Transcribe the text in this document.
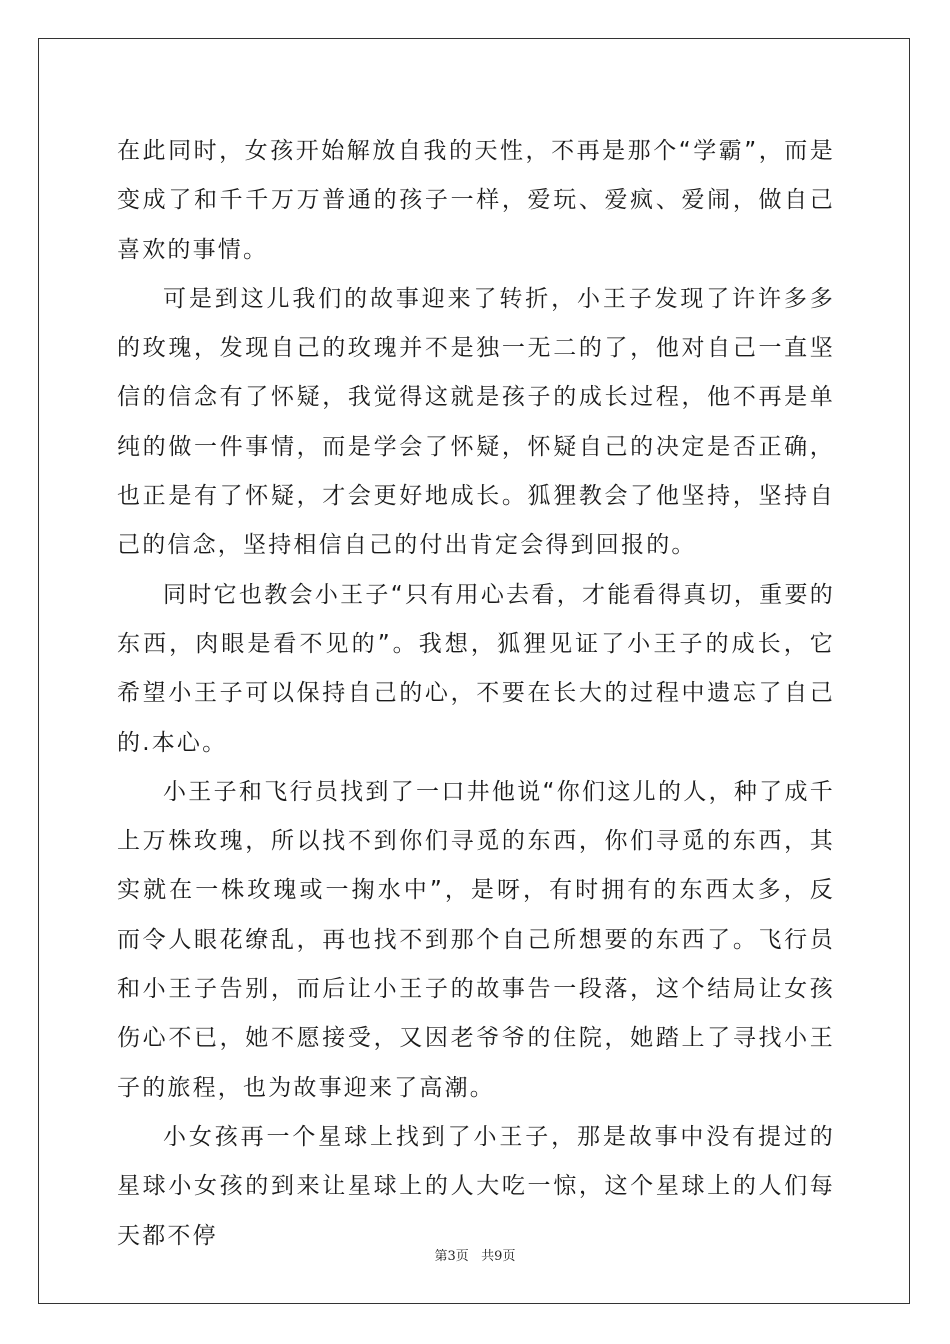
在此同时，女孩开始解放自我的天性，不再是那个“学霸”，而是变成了和千千万万普通的孩子一样，爱玩、爱疯、爱闹，做自己喜欢的事情。

可是到这儿我们的故事迎来了转折，小王子发现了许许多多的玫瑰，发现自己的玫瑰并不是独一无二的了，他对自己一直坚信的信念有了怀疑，我觉得这就是孩子的成长过程，他不再是单纯的做一件事情，而是学会了怀疑，怀疑自己的决定是否正确，也正是有了怀疑，才会更好地成长。狐狸教会了他坚持，坚持自己的信念，坚持相信自己的付出肯定会得到回报的。

同时它也教会小王子“只有用心去看，才能看得真切，重要的东西，肉眼是看不见的”。我想，狐狸见证了小王子的成长，它希望小王子可以保持自己的心，不要在长大的过程中遗忘了自己的.本心。

小王子和飞行员找到了一口井他说“你们这儿的人，种了成千上万株玫瑰，所以找不到你们寻觅的东西，你们寻觅的东西，其实就在一株玫瑰或一掬水中”，是呀，有时拥有的东西太多，反而令人眼花缭乱，再也找不到那个自己所想要的东西了。飞行员和小王子告别，而后让小王子的故事告一段落，这个结局让女孩伤心不已，她不愿接受，又因老爷爷的住院，她踏上了寻找小王子的旅程，也为故事迎来了高潮。

小女孩再一个星球上找到了小王子，那是故事中没有提过的星球小女孩的到来让星球上的人大吃一惊，这个星球上的人们每天都不停

第3页   共9页
